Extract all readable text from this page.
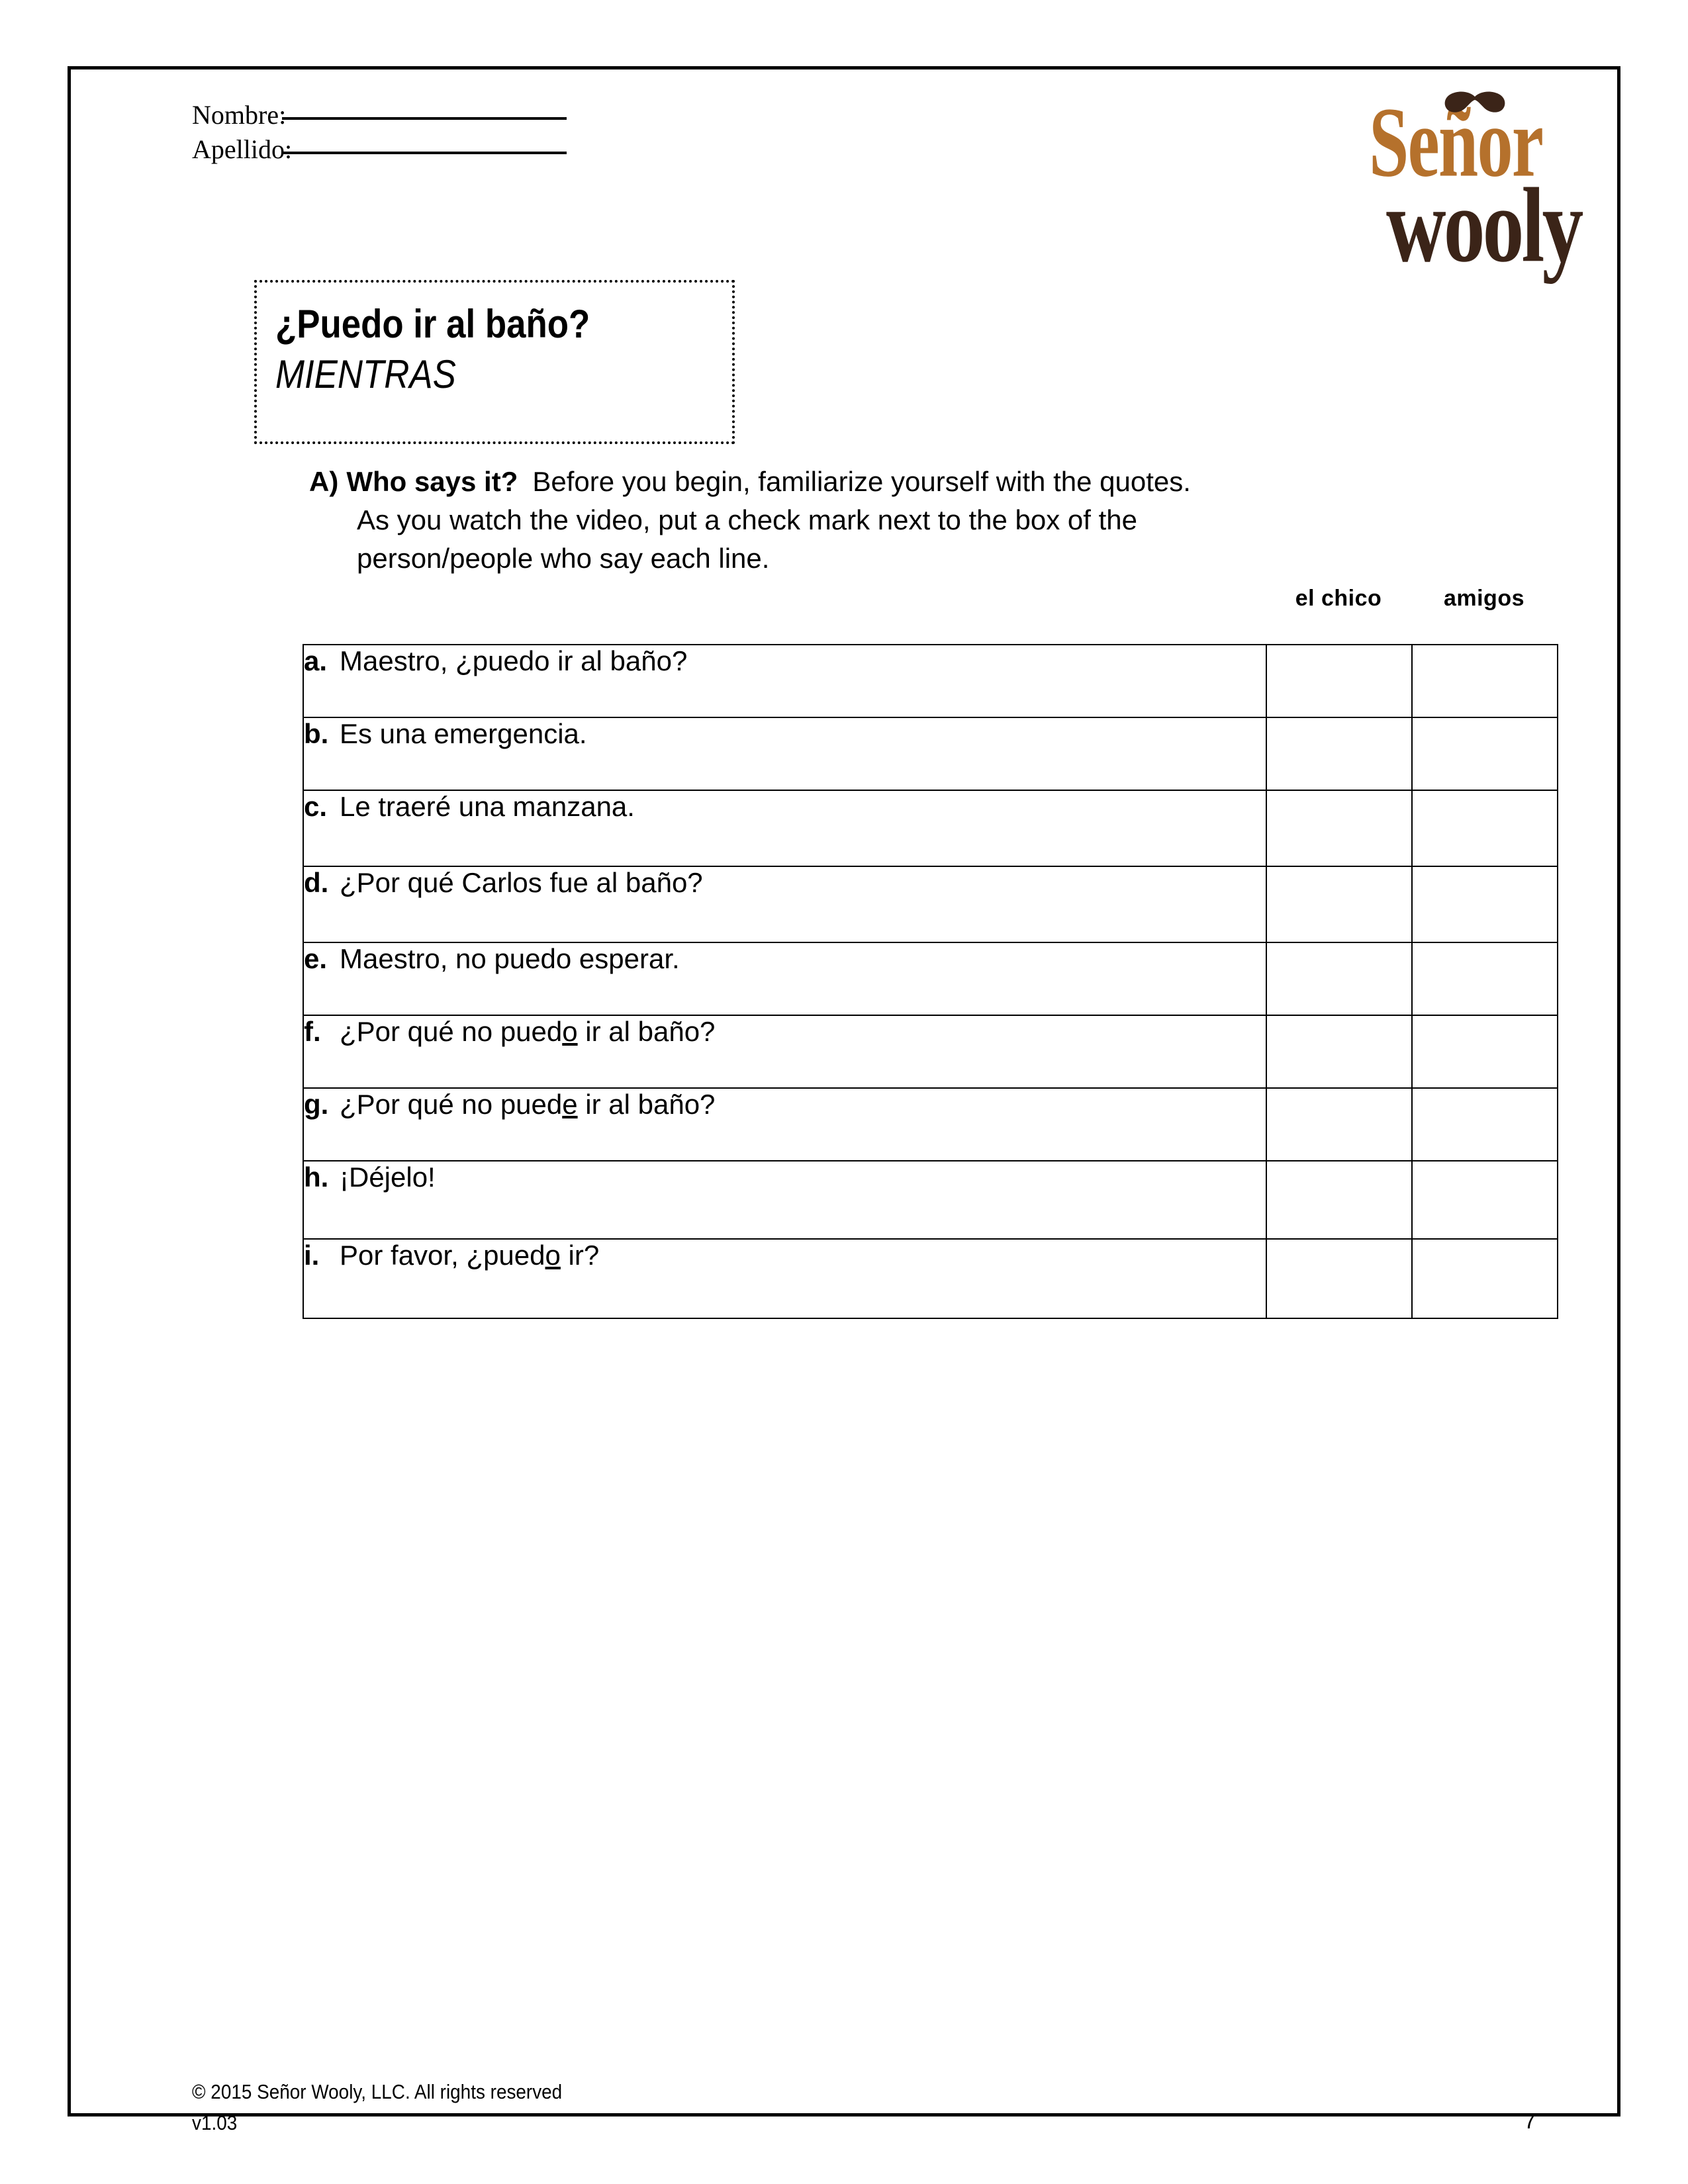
Nombre:
Apellido:	Señor
wooly
¿Puedo ir al baño?
MIENTRAS
A) Who says it? Before you begin, familiarize yourself with the quotes.
As you watch the video, put a check mark next to the box of the
person/people who say each line.
el chico	amigos
a. Maestro, ¿puedo ir al baño?		

b. Es una emergencia.		

c. Le traeré una manzana.		

d. ¿Por qué Carlos fue al baño?		

e. Maestro, no puedo esperar.		

f. ¿Por qué no puedo ir al baño?		

g. ¿Por qué no puede ir al baño?		

h. ¡Déjelo!		

i. Por favor, ¿puedo ir?		

© 2015 Señor Wooly, LLC. All rights reserved
v1.03	7
